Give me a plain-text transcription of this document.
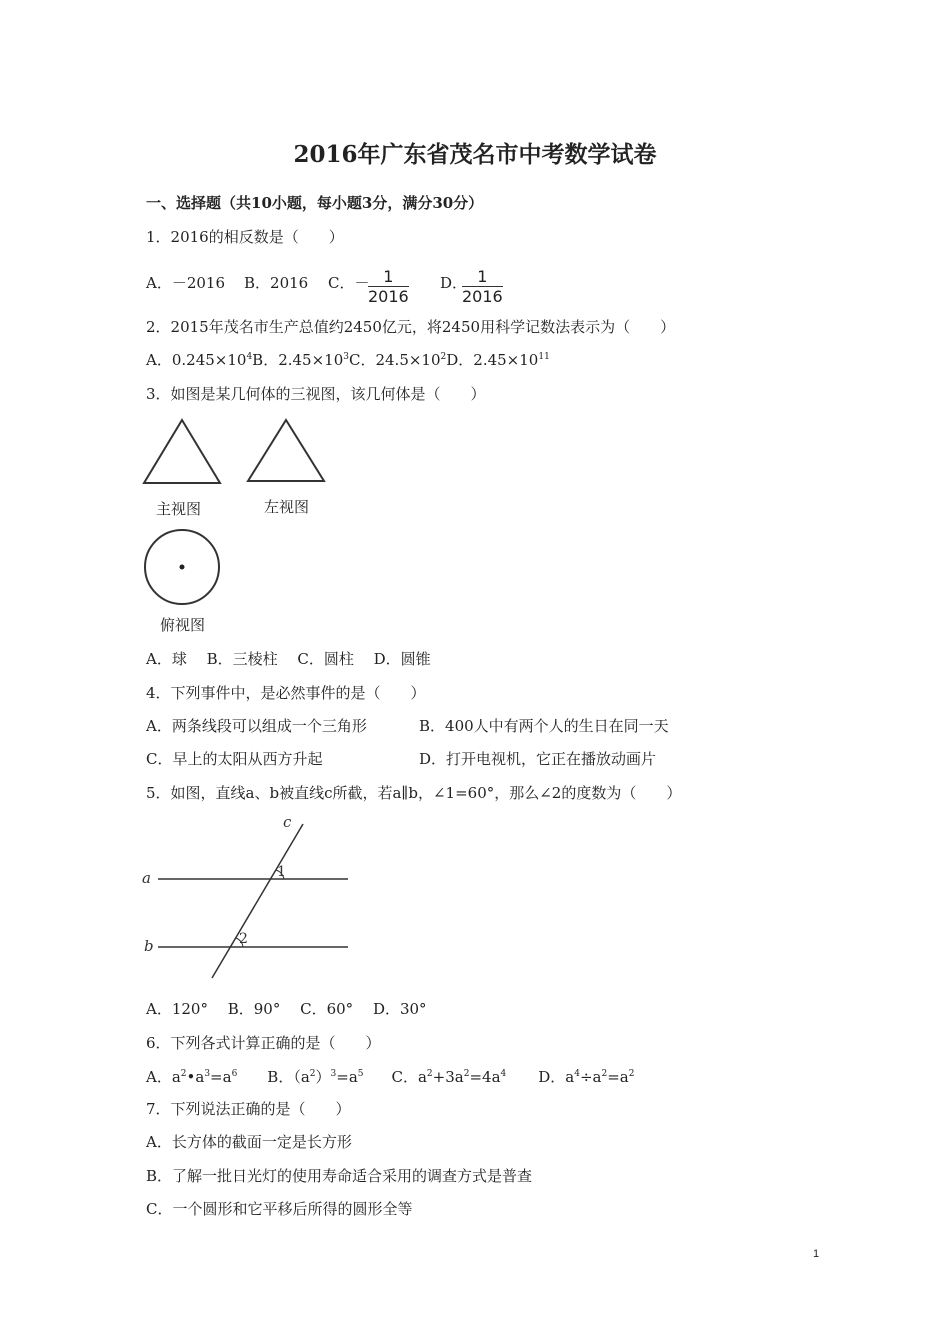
2016年广东省茂名市中考数学试卷
一、选择题（共10小题，每小题3分，满分30分）
1．2016的相反数是（　　）
A．－2016 B．2016 C．－
$\frac{1}{2016}$ D．
$\frac{1}{2016}$
2．2015年茂名市生产总值约2450亿元，将2450用科学记数法表示为（　　）
A．$0.245\times 10^4B$．$2.45\times 10^3C$．$24.5\times 10^2D$．$2.45\times 10^{11}$
3．如图是某几何体的三视图，该几何体是（　　）
主视图	左视图
俯视图
A．球　 B．三棱柱　 C．圆柱　 D．圆锥
4．下列事件中，是必然事件的是（　　）
A．两条线段可以组成一个三角形	B．400人中有两个人的生日在同一天
C．早上的太阳从西方升起	D．打开电视机，它正在播放动画片
5．如图，直线a、b被直线c所截，若a∥b，∠1=60°，那么∠2的度数为（　　）
a
b
c
1
2
A．120°　 B．90°　 C．60°　 D．30°
6．下列各式计算正确的是（　　）
A．$a^2•a^3=a^6$ B．$(a^2)^3=a^5$ C．$a^2+3a^2=4a^4$ D．$a^4\div a^2=a^2$
7．下列说法正确的是（　　）
A．长方体的截面一定是长方形
B．了解一批日光灯的使用寿命适合采用的调查方式是普查
C．一个圆形和它平移后所得的圆形全等
1
